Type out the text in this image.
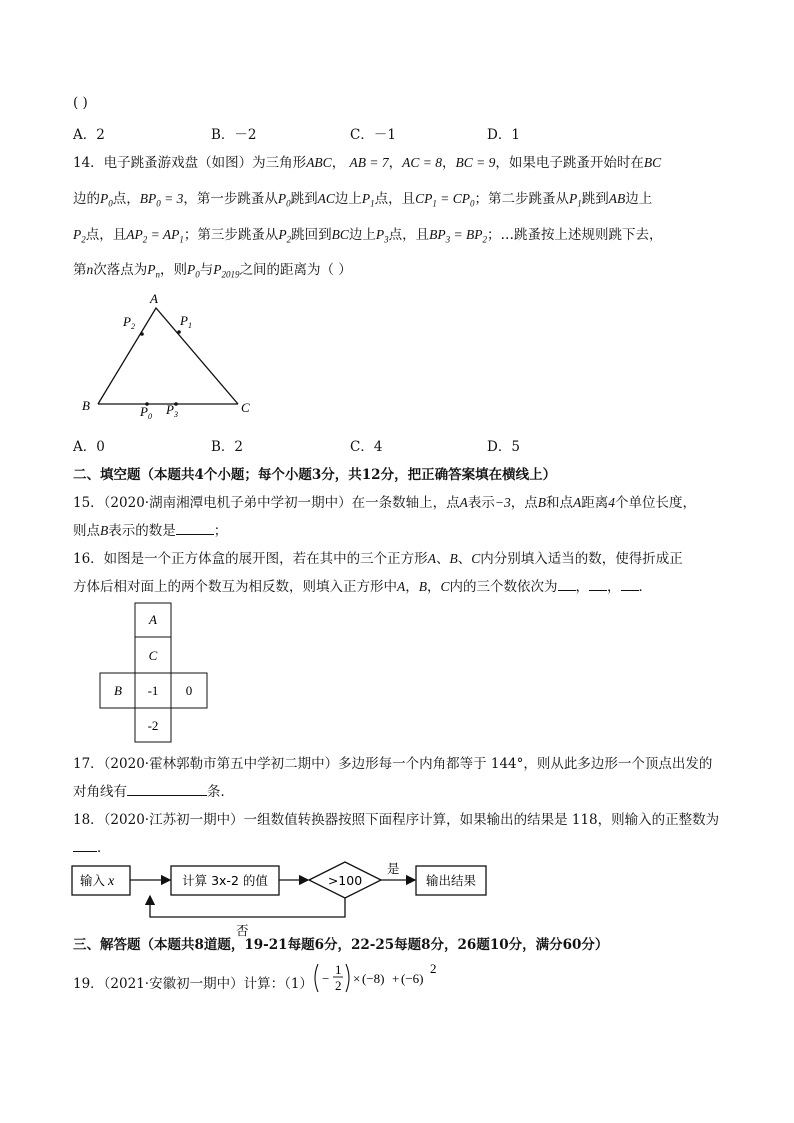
( )
A．2	B．－2	C．－1	D．1
14．电子跳蚤游戏盘（如图）为三角形ABC， AB = 7，AC = 8，BC = 9，如果电子跳蚤开始时在BC
边的$P_0$点，$BP_0 = 3$，第一步跳蚤从$P_0$跳到AC边上$P_1$点，且$CP_1 = CP_0$；第二步跳蚤从$P_1$跳到AB边上
$P_2$点，且$AP_2 = AP_1$；第三步跳蚤从$P_2$跳回到BC边上$P_3$点，且$BP_3 = BP_2$；…跳蚤按上述规则跳下去，
第n次落点为$P_n$，则$P_0$与$P_{2019}$之间的距离为（ ）
A
B	C
$P_2$	$P_1$
$P_0$ $P_3$
A．0	B．2	C．4	D．5
二、填空题（本题共4个小题；每个小题3分，共12分，把正确答案填在横线上）
15．（2020·湖南湘潭电机子弟中学初一期中）在一条数轴上，点A表示−3，点B和点A距离4个单位长度，
则点B表示的数是	；
16．如图是一个正方体盒的展开图，若在其中的三个正方形A、B、C内分别填入适当的数，使得折成正
方体后相对面上的两个数互为相反数，则填入正方形中A，B，C内的三个数依次为 ， ， ．
A
C
B -1 0
-2
17．（2020·霍林郭勒市第五中学初二期中）多边形每一个内角都等于 144°，则从此多边形一个顶点出发的
对角线有	条．
18．（2020·江苏初一期中）一组数值转换器按照下面程序计算，如果输出的结果是 118，则输入的正整数为
．
输入 x	计算 3x-2 的值	>100
是
输出结果
否
三、解答题（本题共8道题，19-21每题6分，22-25每题8分，26题10分，满分60分）
19．（2021·安徽初一期中）计算：（1） −
1
2 × (−8) + (−6)
2
